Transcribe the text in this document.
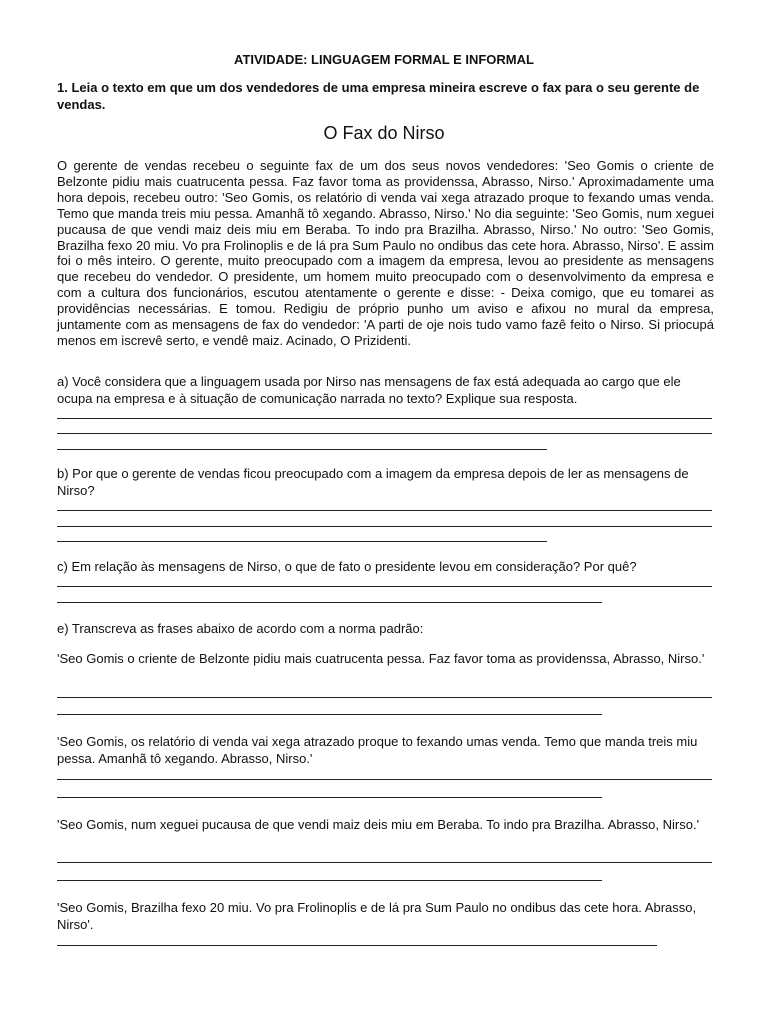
ATIVIDADE: LINGUAGEM FORMAL E INFORMAL
1. Leia o texto em que um dos vendedores de uma empresa mineira escreve o fax para o seu gerente de vendas.
O Fax do Nirso
O gerente de vendas recebeu o seguinte fax de um dos seus novos vendedores: 'Seo Gomis o criente de Belzonte pidiu mais cuatrucenta pessa. Faz favor toma as providenssa, Abrasso, Nirso.' Aproximadamente uma hora depois, recebeu outro: 'Seo Gomis, os relatório di venda vai xega atrazado proque to fexando umas venda. Temo que manda treis miu pessa. Amanhã tô xegando. Abrasso, Nirso.' No dia seguinte: 'Seo Gomis, num xeguei pucausa de que vendi maiz deis miu em Beraba. To indo pra Brazilha. Abrasso, Nirso.' No outro: 'Seo Gomis, Brazilha fexo 20 miu. Vo pra Frolinoplis e de lá pra Sum Paulo no ondibus das cete hora. Abrasso, Nirso'. E assim foi o mês inteiro. O gerente, muito preocupado com a imagem da empresa, levou ao presidente as mensagens que recebeu do vendedor. O presidente, um homem muito preocupado com o desenvolvimento da empresa e com a cultura dos funcionários, escutou atentamente o gerente e disse: - Deixa comigo, que eu tomarei as providências necessárias. E tomou. Redigiu de próprio punho um aviso e afixou no mural da empresa, juntamente com as mensagens de fax do vendedor: 'A parti de oje nois tudo vamo fazê feito o Nirso. Si priocupá menos em iscrevê serto, e vendê maiz. Acinado, O Prizidenti.
a) Você considera que a linguagem usada por Nirso nas mensagens de fax está adequada ao cargo que ele ocupa na empresa e à situação de comunicação narrada no texto? Explique sua resposta.
b) Por que o gerente de vendas ficou preocupado com a imagem da empresa depois de ler as mensagens de Nirso?
c) Em relação às mensagens de Nirso, o que de fato o presidente levou em consideração? Por quê?
e) Transcreva as frases abaixo de acordo com a norma padrão:
'Seo Gomis o criente de Belzonte pidiu mais cuatrucenta pessa. Faz favor toma as providenssa, Abrasso, Nirso.'
'Seo Gomis, os relatório di venda vai xega atrazado proque to fexando umas venda. Temo que manda treis miu pessa. Amanhã tô xegando. Abrasso, Nirso.'
'Seo Gomis, num xeguei pucausa de que vendi maiz deis miu em Beraba. To indo pra Brazilha. Abrasso, Nirso.'
'Seo Gomis, Brazilha fexo 20 miu. Vo pra Frolinoplis e de lá pra Sum Paulo no ondibus das cete hora. Abrasso, Nirso'.
